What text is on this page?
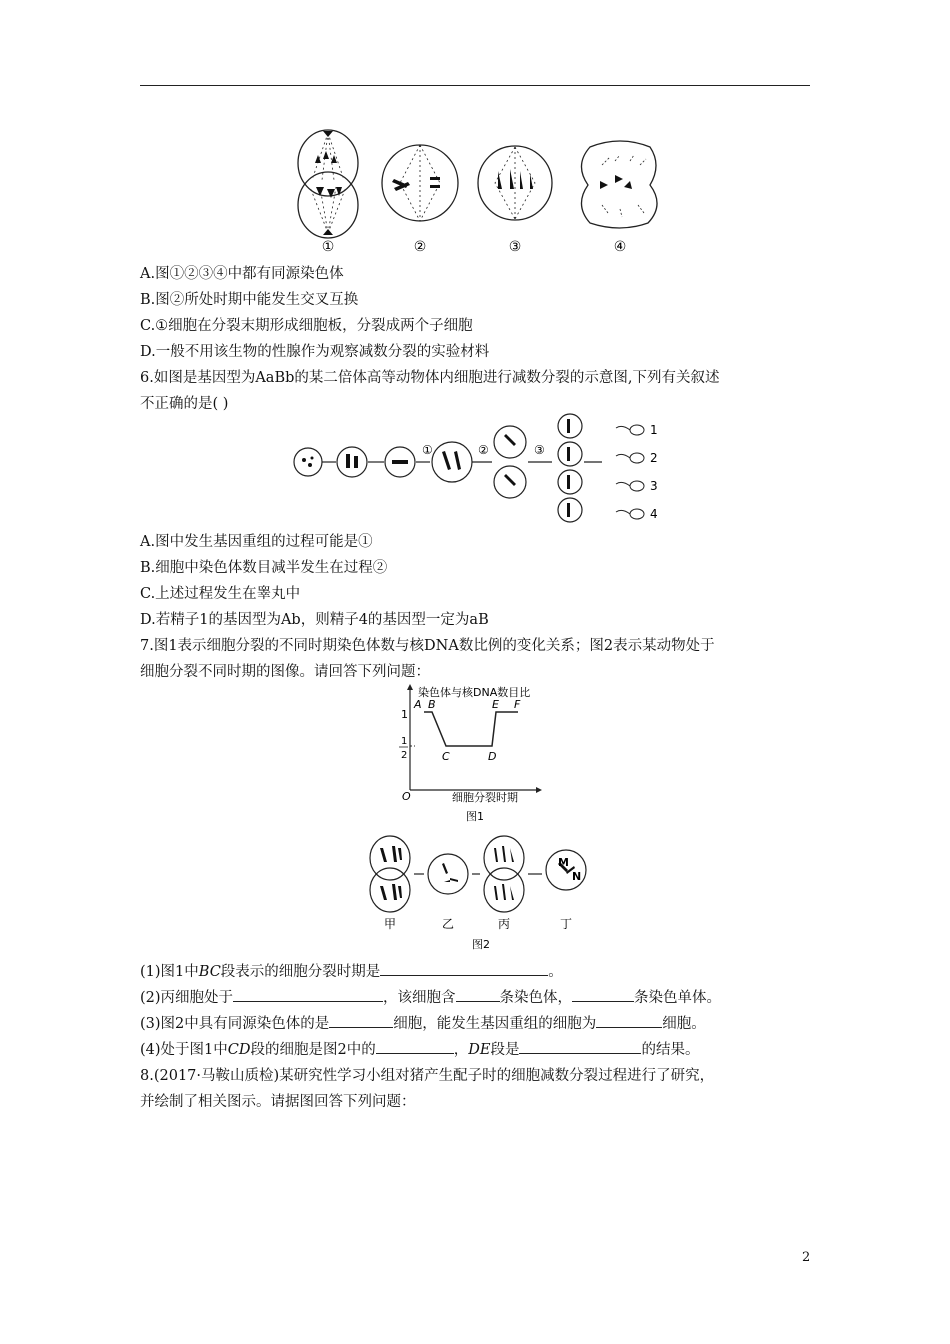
①	②	③	④
A.图①②③④中都有同源染色体
B.图②所处时期中能发生交叉互换
C.①细胞在分裂末期形成细胞板，分裂成两个子细胞
D.一般不用该生物的性腺作为观察减数分裂的实验材料
6.如图是基因型为AaBb的某二倍体高等动物体内细胞进行减数分裂的示意图,下列有关叙述
不正确的是( )
①	②	③
1
2
3
4
A.图中发生基因重组的过程可能是①
B.细胞中染色体数目减半发生在过程②
C.上述过程发生在睾丸中
D.若精子1的基因型为Ab，则精子4的基因型一定为aB
7.图1表示细胞分裂的不同时期染色体数与核DNA数比例的变化关系；图2表示某动物处于
细胞分裂不同时期的图像。请回答下列问题：
A B
C	D
E F
染色体与核DNA数目比
1
1
2
O	细胞分裂时期
图1
M
N
甲	乙	丙	丁
图2
(1)图1中BC段表示的细胞分裂时期是	。
(2)丙细胞处于	，该细胞含	条染色体，	条染色单体。
(3)图2中具有同源染色体的是	细胞，能发生基因重组的细胞为	细胞。
(4)处于图1中CD段的细胞是图2中的	，DE段是	的结果。
8.(2017·马鞍山质检)某研究性学习小组对猪产生配子时的细胞减数分裂过程进行了研究，
并绘制了相关图示。请据图回答下列问题：
2
